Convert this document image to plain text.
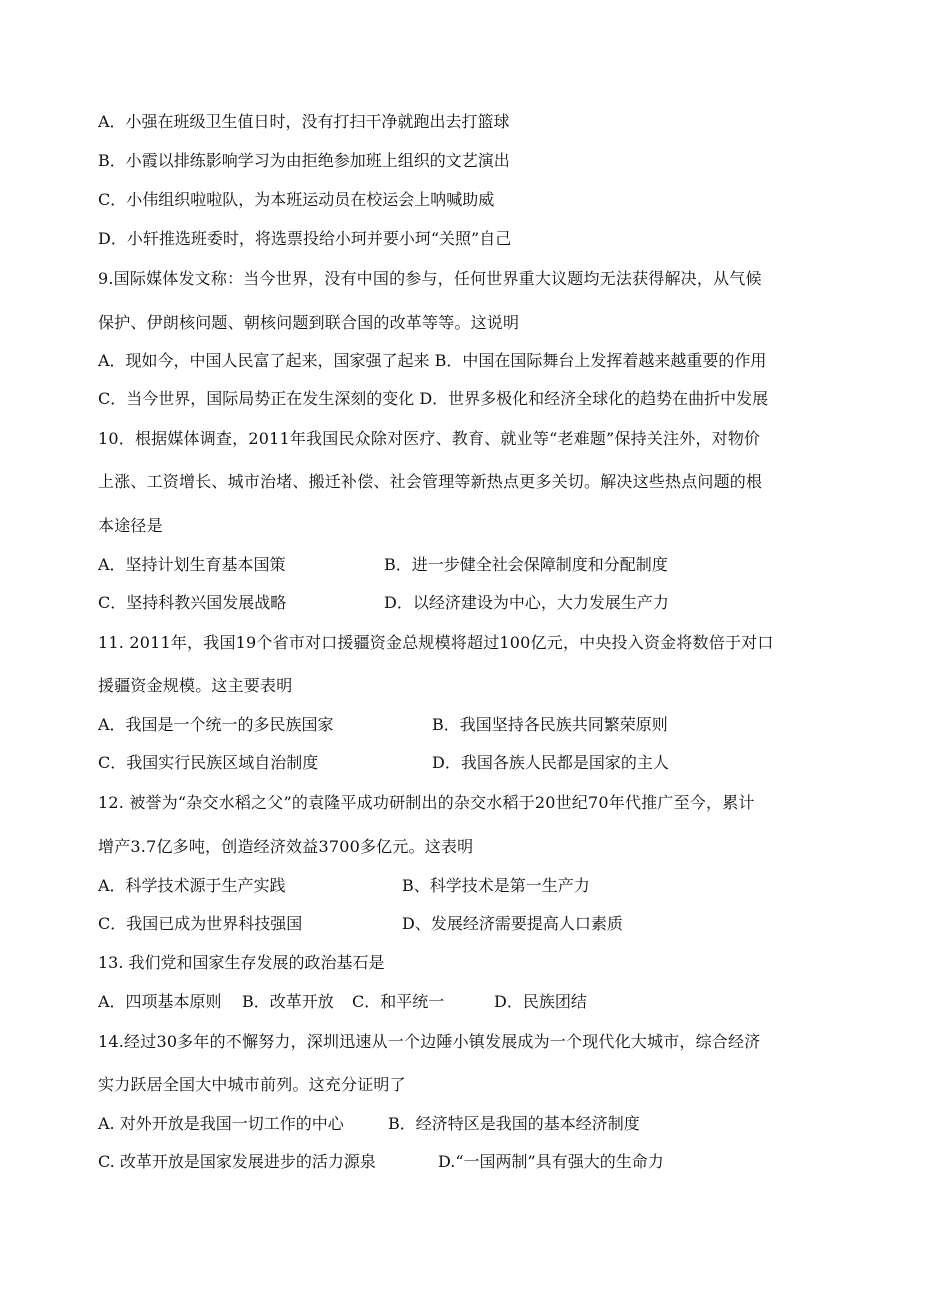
A．小强在班级卫生值日时，没有打扫干净就跑出去打篮球
B．小霞以排练影响学习为由拒绝参加班上组织的文艺演出
C．小伟组织啦啦队，为本班运动员在校运会上呐喊助威
D．小轩推选班委时，将选票投给小珂并要小珂“关照”自己
9.国际媒体发文称：当今世界，没有中国的参与，任何世界重大议题均无法获得解决，从气候
保护、伊朗核问题、朝核问题到联合国的改革等等。这说明
A．现如今，中国人民富了起来，国家强了起来 B．中国在国际舞台上发挥着越来越重要的作用
C．当今世界，国际局势正在发生深刻的变化 D．世界多极化和经济全球化的趋势在曲折中发展
10．根据媒体调查，2011年我国民众除对医疗、教育、就业等“老难题”保持关注外，对物价
上涨、工资增长、城市治堵、搬迁补偿、社会管理等新热点更多关切。解决这些热点问题的根
本途径是
A．坚持计划生育基本国策	B．进一步健全社会保障制度和分配制度
C．坚持科教兴国发展战略	D．以经济建设为中心，大力发展生产力
11. 2011年，我国19个省市对口援疆资金总规模将超过100亿元，中央投入资金将数倍于对口
援疆资金规模。这主要表明
A．我国是一个统一的多民族国家	B．我国坚持各民族共同繁荣原则
C．我国实行民族区域自治制度	D．我国各族人民都是国家的主人
12. 被誉为“杂交水稻之父”的袁隆平成功研制出的杂交水稻于20世纪70年代推广至今，累计
增产3.7亿多吨，创造经济效益3700多亿元。这表明
A．科学技术源于生产实践	B、科学技术是第一生产力
C．我国已成为世界科技强国	D、发展经济需要提高人口素质
13. 我们党和国家生存发展的政治基石是
A．四项基本原则 B．改革开放 C．和平统一	D．民族团结
14.经过30多年的不懈努力，深圳迅速从一个边陲小镇发展成为一个现代化大城市，综合经济
实力跃居全国大中城市前列。这充分证明了
A. 对外开放是我国一切工作的中心	B．经济特区是我国的基本经济制度
C. 改革开放是国家发展进步的活力源泉	D.“一国两制”具有强大的生命力
